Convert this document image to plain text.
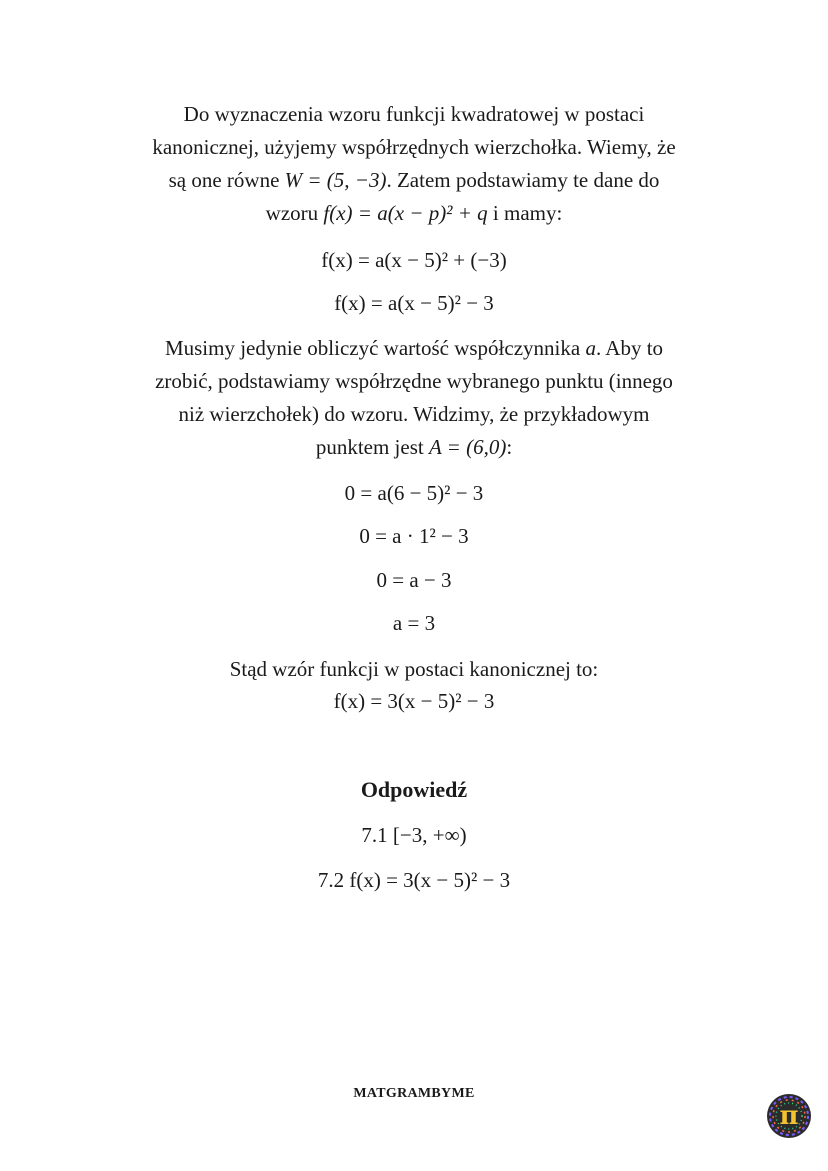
Do wyznaczenia wzoru funkcji kwadratowej w postaci
kanonicznej, użyjemy współrzędnych wierzchołka. Wiemy, że
są one równe W = (5, −3). Zatem podstawiamy te dane do
wzoru f(x) = a(x − p)² + q i mamy:
f(x) = a(x − 5)² + (−3)
f(x) = a(x − 5)² − 3
Musimy jedynie obliczyć wartość współczynnika a. Aby to
zrobić, podstawiamy współrzędne wybranego punktu (innego
niż wierzchołek) do wzoru. Widzimy, że przykładowym
punktem jest A = (6,0):
0 = a(6 − 5)² − 3
0 = a · 1² − 3
0 = a − 3
a = 3
Stąd wzór funkcji w postaci kanonicznej to:
f(x) = 3(x − 5)² − 3
Odpowiedź
7.1 [−3, +∞)
7.2 f(x) = 3(x − 5)² − 3
MATGRAMBYME
π
